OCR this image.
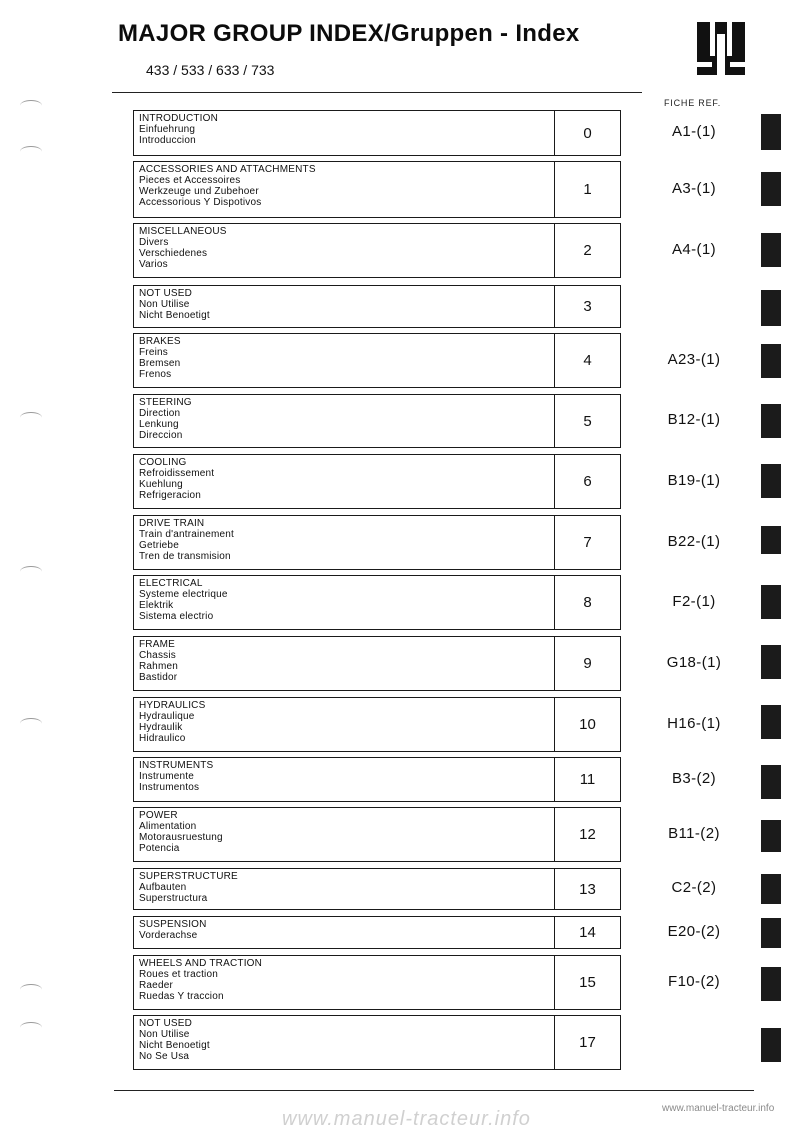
MAJOR GROUP INDEX/Gruppen - Index
433 / 533 / 633 / 733
FICHE REF.
INTRODUCTION
Einfuehrung
Introduccion	0	A1-(1)
ACCESSORIES AND ATTACHMENTS
Pieces et Accessoires
Werkzeuge und Zubehoer
Accessorious Y Dispotivos
1	A3-(1)
MISCELLANEOUS
Divers
Verschiedenes
Varios
2	A4-(1)
NOT USED
Non Utilise
Nicht Benoetigt
3
BRAKES
Freins
Bremsen
Frenos
4	A23-(1)
STEERING
Direction
Lenkung
Direccion
5	B12-(1)
COOLING
Refroidissement
Kuehlung
Refrigeracion
6	B19-(1)
DRIVE TRAIN
Train d'antrainement
Getriebe
Tren de transmision
7	B22-(1)
ELECTRICAL
Systeme electrique
Elektrik
Sistema electrio
8	F2-(1)
FRAME
Chassis
Rahmen
Bastidor
9	G18-(1)
HYDRAULICS
Hydraulique
Hydraulik
Hidraulico
10	H16-(1)
INSTRUMENTS
Instrumente
Instrumentos	11	B3-(2)
POWER
Alimentation
Motorausruestung
Potencia
12	B11-(2)
SUPERSTRUCTURE
Aufbauten
Superstructura
13	C2-(2)
SUSPENSION
Vorderachse	14	E20-(2)
WHEELS AND TRACTION
Roues et traction
Raeder
Ruedas Y traccion
15	F10-(2)
NOT USED
Non Utilise
Nicht Benoetigt
No Se Usa
17
www.manuel-tracteur.info	www.manuel-tracteur.info
